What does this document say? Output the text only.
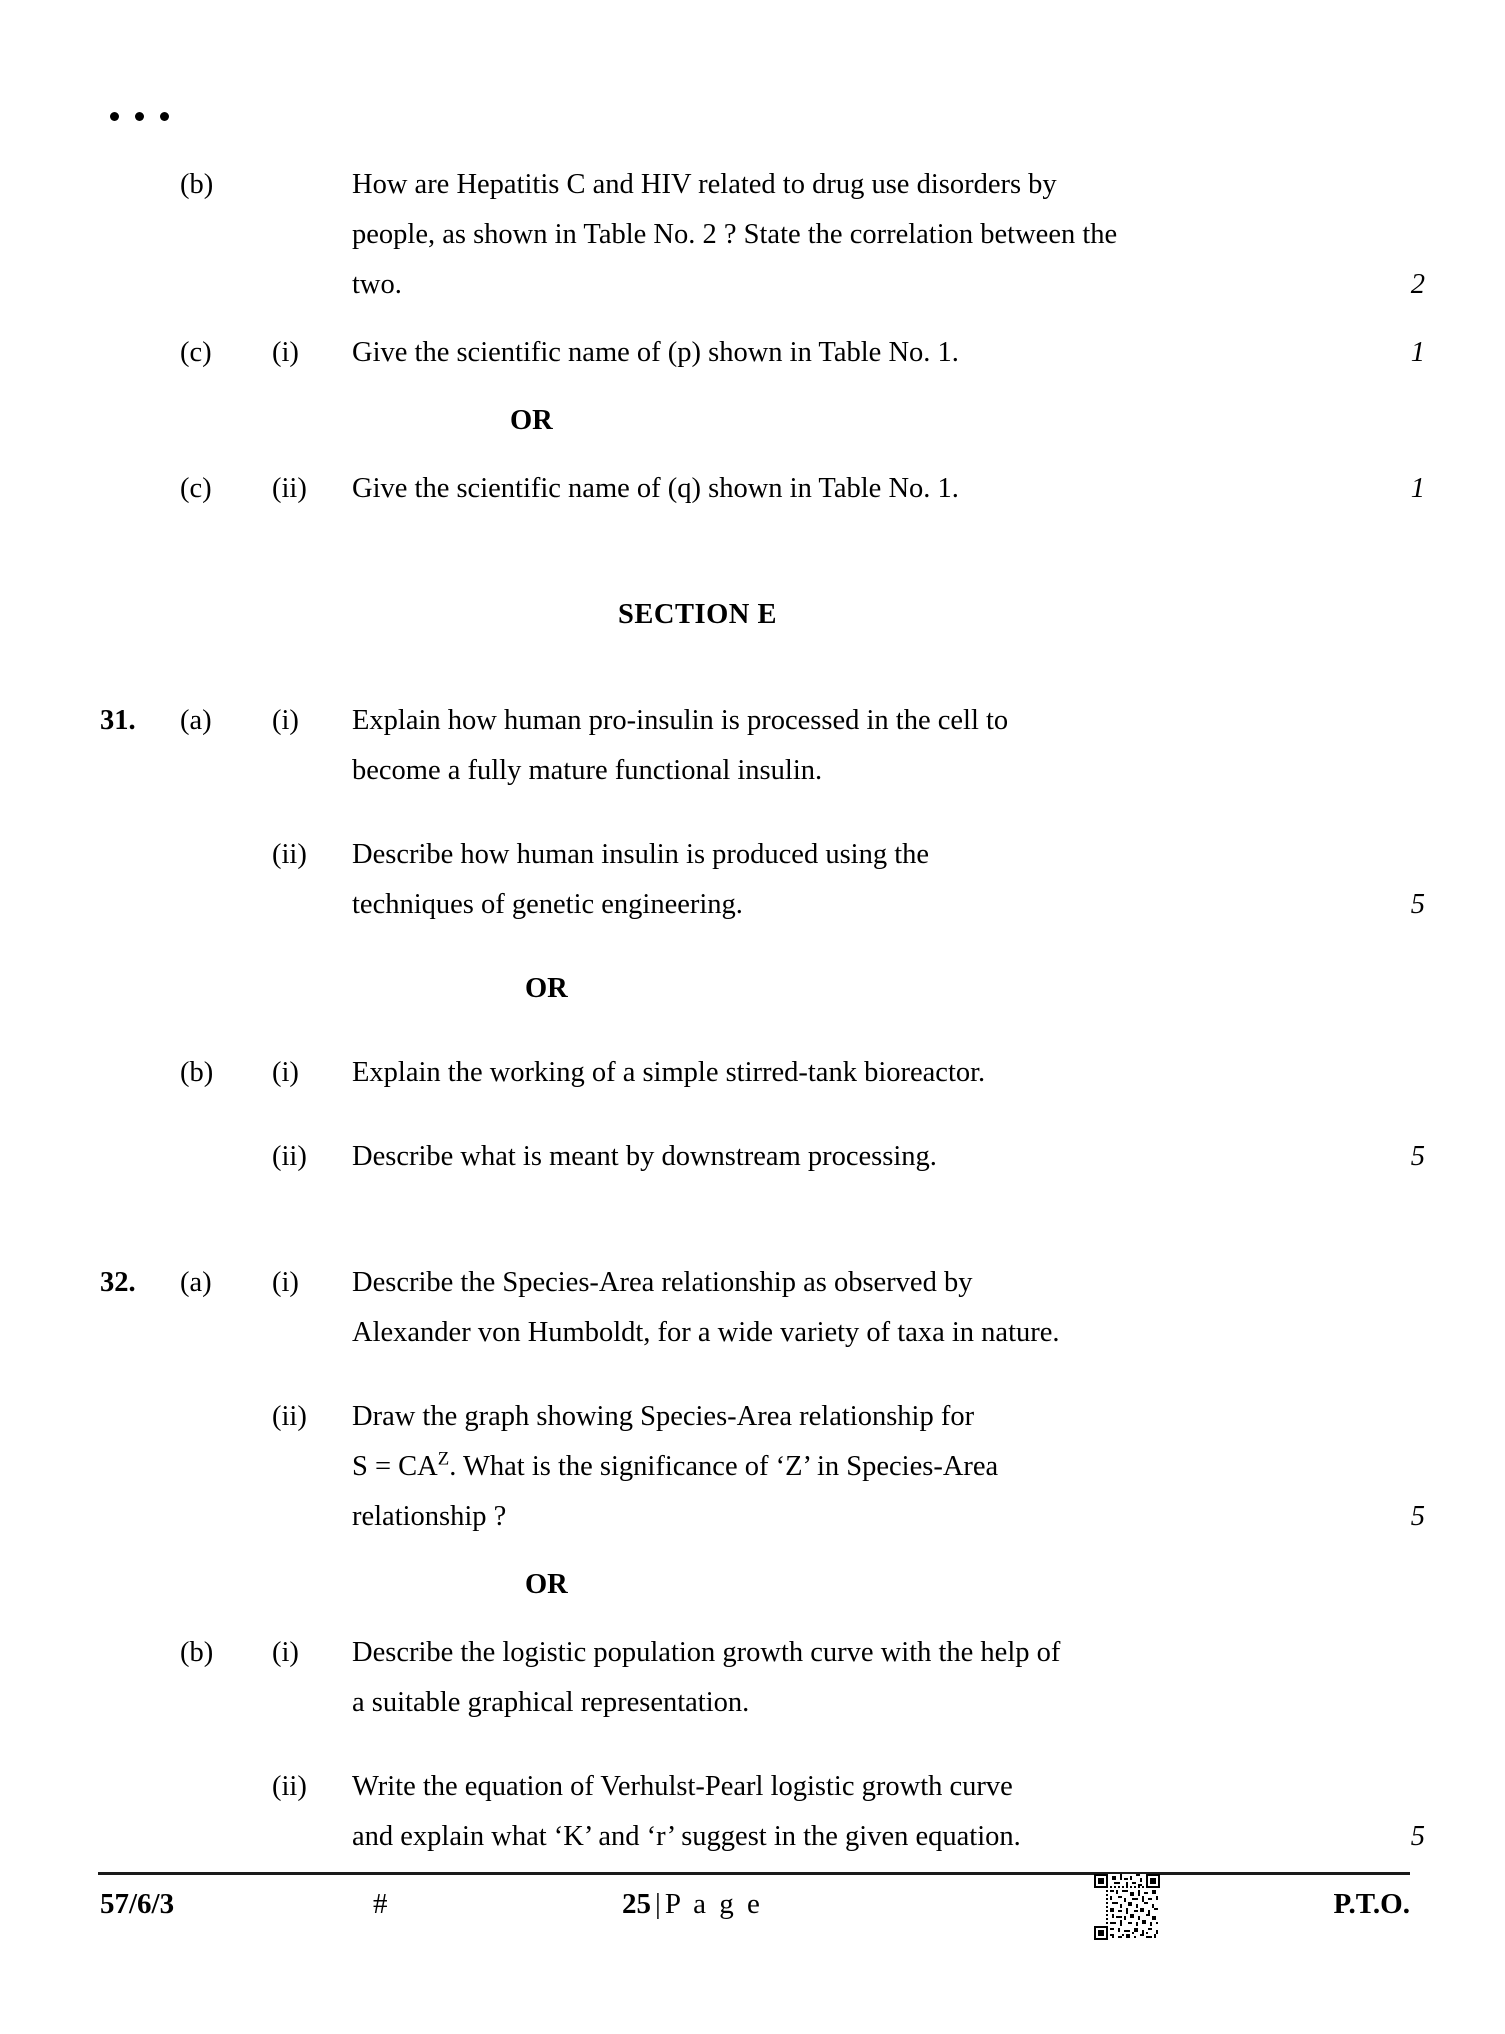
(b)	How are Hepatitis C and HIV related to drug use disorders by
people, as shown in Table No. 2 ? State the correlation between the
two.	2
(c)	(i)	Give the scientific name of (p) shown in Table No. 1.	1
OR
(c)	(ii)	Give the scientific name of (q) shown in Table No. 1.	1
SECTION E
31.	(a)	(i)	Explain how human pro-insulin is processed in the cell to
become a fully mature functional insulin.
(ii)	Describe how human insulin is produced using the
techniques of genetic engineering.	5
OR
(b)	(i)	Explain the working of a simple stirred-tank bioreactor.
(ii)	Describe what is meant by downstream processing.	5
32.	(a)	(i)	Describe the Species-Area relationship as observed by
Alexander von Humboldt, for a wide variety of taxa in nature.
(ii)	Draw the graph showing Species-Area relationship for
$S = CA^Z$. What is the significance of ‘Z’ in Species-Area
relationship ?	5
OR
(b)	(i)	Describe the logistic population growth curve with the help of
a suitable graphical representation.
(ii)	Write the equation of Verhulst-Pearl logistic growth curve
and explain what ‘K’ and ‘r’ suggest in the given equation.	5
57/6/3	#	25 | P a g e	P.T.O.
